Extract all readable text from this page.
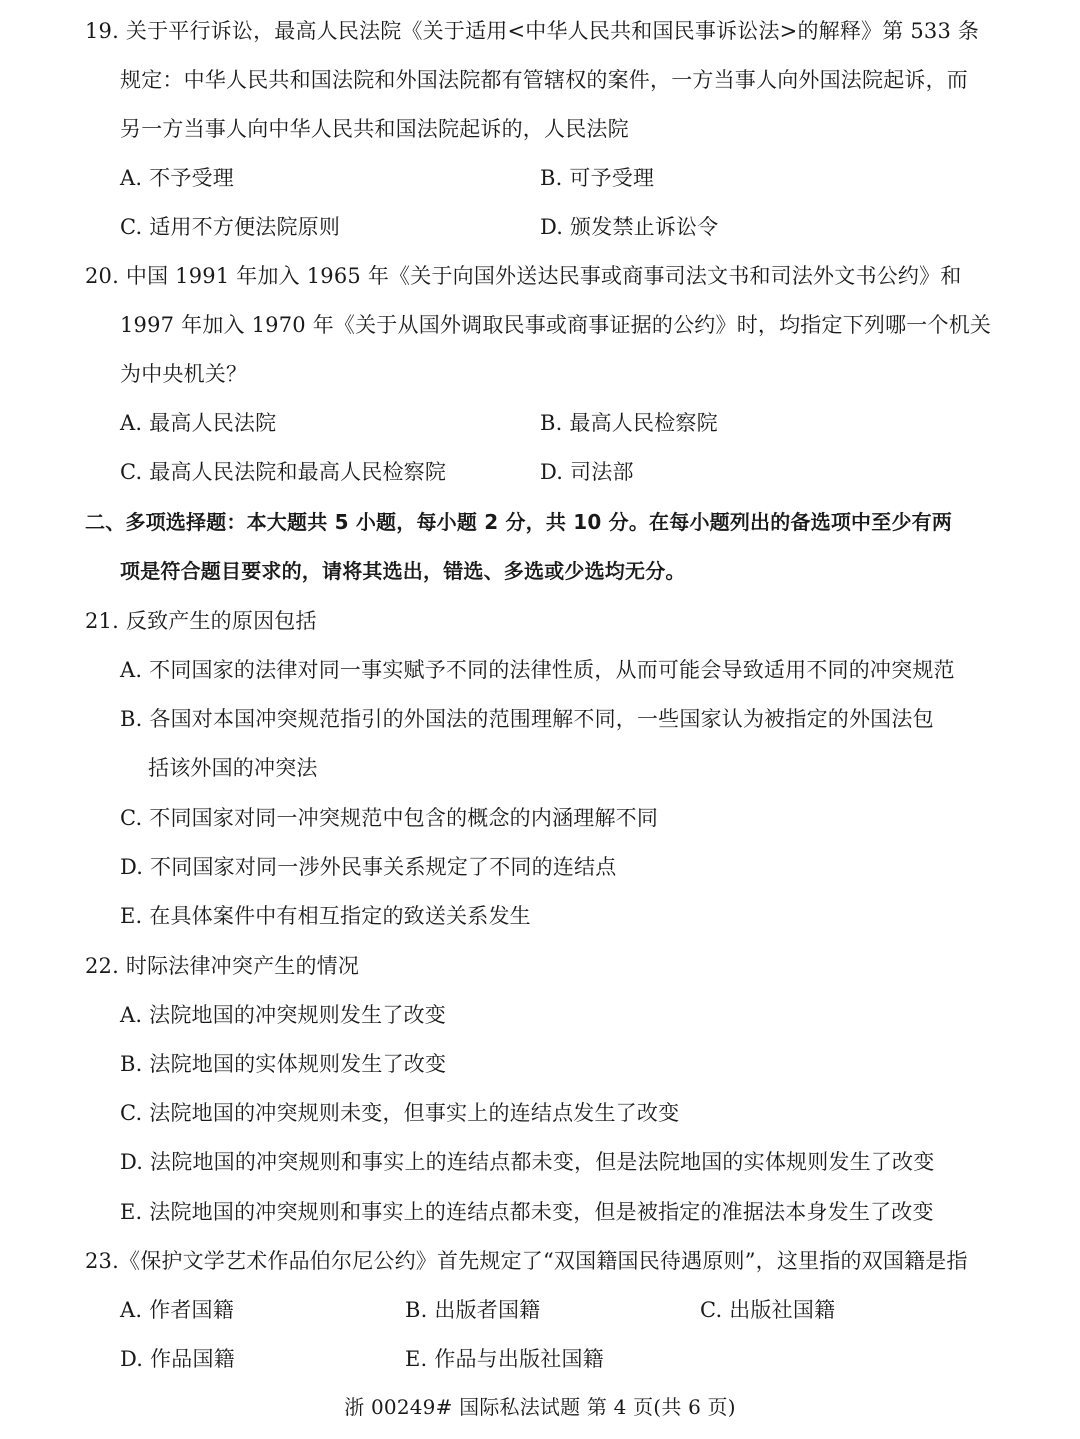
19. 关于平行诉讼，最高人民法院《关于适用<中华人民共和国民事诉讼法>的解释》第 533 条
规定：中华人民共和国法院和外国法院都有管辖权的案件，一方当事人向外国法院起诉，而
另一方当事人向中华人民共和国法院起诉的，人民法院
A. 不予受理	B. 可予受理
C. 适用不方便法院原则	D. 颁发禁止诉讼令
20. 中国 1991 年加入 1965 年《关于向国外送达民事或商事司法文书和司法外文书公约》和
1997 年加入 1970 年《关于从国外调取民事或商事证据的公约》时，均指定下列哪一个机关
为中央机关？
A. 最高人民法院	B. 最高人民检察院
C. 最高人民法院和最高人民检察院	D. 司法部
二、多项选择题：本大题共 5 小题，每小题 2 分，共 10 分。在每小题列出的备选项中至少有两
项是符合题目要求的，请将其选出，错选、多选或少选均无分。
21. 反致产生的原因包括
A. 不同国家的法律对同一事实赋予不同的法律性质，从而可能会导致适用不同的冲突规范
B. 各国对本国冲突规范指引的外国法的范围理解不同，一些国家认为被指定的外国法包
括该外国的冲突法
C. 不同国家对同一冲突规范中包含的概念的内涵理解不同
D. 不同国家对同一涉外民事关系规定了不同的连结点
E. 在具体案件中有相互指定的致送关系发生
22. 时际法律冲突产生的情况
A. 法院地国的冲突规则发生了改变
B. 法院地国的实体规则发生了改变
C. 法院地国的冲突规则未变，但事实上的连结点发生了改变
D. 法院地国的冲突规则和事实上的连结点都未变，但是法院地国的实体规则发生了改变
E. 法院地国的冲突规则和事实上的连结点都未变，但是被指定的准据法本身发生了改变
23.《保护文学艺术作品伯尔尼公约》首先规定了“双国籍国民待遇原则”，这里指的双国籍是指
A. 作者国籍	B. 出版者国籍	C. 出版社国籍
D. 作品国籍	E. 作品与出版社国籍
浙 00249# 国际私法试题 第 4 页(共 6 页)
